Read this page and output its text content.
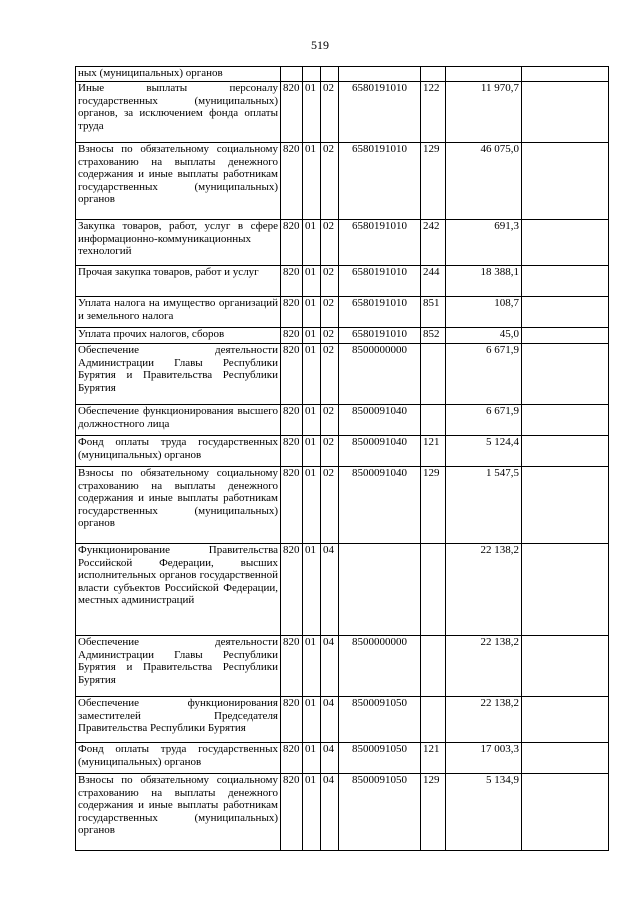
519
ных (муниципальных) органов							
Иные выплаты персоналу государственных (муниципальных) органов, за исключением фонда оплаты труда	820	01	02	6580191010	122	11 970,7	
Взносы по обязательному социальному страхованию на выплаты денежного содержания и иные выплаты работникам государственных (муниципальных) органов	820	01	02	6580191010	129	46 075,0	
Закупка товаров, работ, услуг в сфере информационно-коммуникационных технологий	820	01	02	6580191010	242	691,3	
Прочая закупка товаров, работ и услуг	820	01	02	6580191010	244	18 388,1	
Уплата налога на имущество организаций и земельного налога	820	01	02	6580191010	851	108,7	
Уплата прочих налогов, сборов	820	01	02	6580191010	852	45,0	
Обеспечение деятельности Администрации Главы Республики Бурятия и Правительства Республики Бурятия	820	01	02	8500000000		6 671,9	
Обеспечение функционирования высшего должностного лица	820	01	02	8500091040		6 671,9	
Фонд оплаты труда государственных (муниципальных) органов	820	01	02	8500091040	121	5 124,4	
Взносы по обязательному социальному страхованию на выплаты денежного содержания и иные выплаты работникам государственных (муниципальных) органов	820	01	02	8500091040	129	1 547,5	
Функционирование Правительства Российской Федерации, высших исполнительных органов государственной власти субъектов Российской Федерации, местных администраций	820	01	04			22 138,2	
Обеспечение деятельности Администрации Главы Республики Бурятия и Правительства Республики Бурятия	820	01	04	8500000000		22 138,2	
Обеспечение функционирования заместителей Председателя Правительства Республики Бурятия	820	01	04	8500091050		22 138,2	
Фонд оплаты труда государственных (муниципальных) органов	820	01	04	8500091050	121	17 003,3	
Взносы по обязательному социальному страхованию на выплаты денежного содержания и иные выплаты работникам государственных (муниципальных) органов	820	01	04	8500091050	129	5 134,9	
